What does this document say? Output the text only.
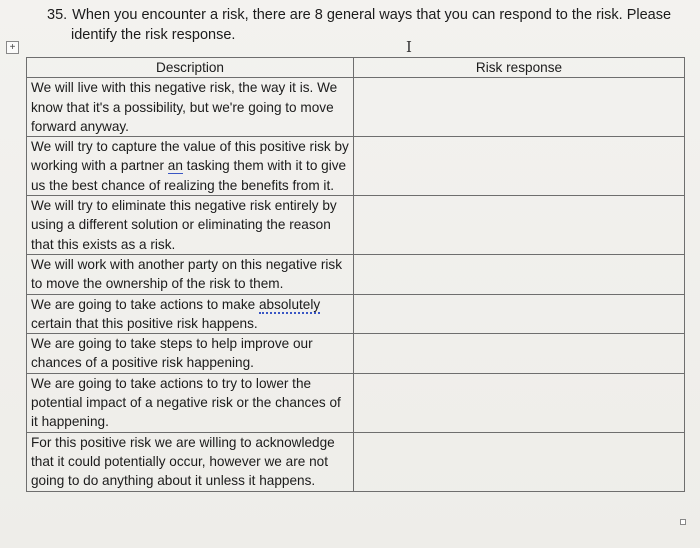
35. When you encounter a risk, there are 8 general ways that you can respond to the risk. Please
identify the risk response.
+	I
Description	Risk response
We will live with this negative risk, the way it is. We know that it's a possibility, but we're going to move forward anyway.	
We will try to capture the value of this positive risk by working with a partner an tasking them with it to give us the best chance of realizing the benefits from it.	
We will try to eliminate this negative risk entirely by using a different solution or eliminating the reason that this exists as a risk.	
We will work with another party on this negative risk to move the ownership of the risk to them.	
We are going to take actions to make absolutely certain that this positive risk happens.	
We are going to take steps to help improve our chances of a positive risk happening.	
We are going to take actions to try to lower the potential impact of a negative risk or the chances of it happening.	
For this positive risk we are willing to acknowledge that it could potentially occur, however we are not going to do anything about it unless it happens.	
